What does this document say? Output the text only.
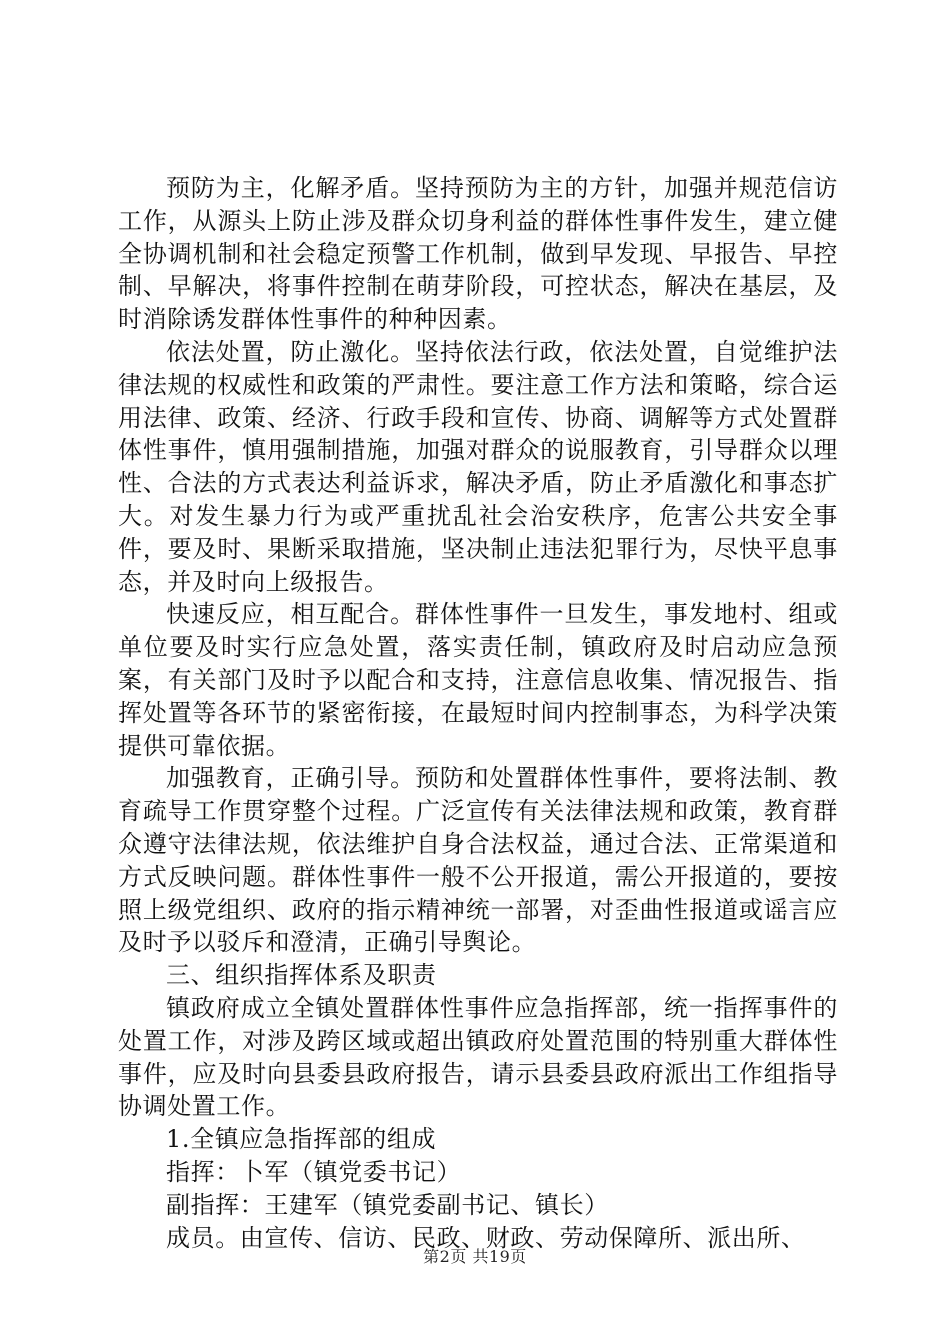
预防为主，化解矛盾。坚持预防为主的方针，加强并规范信访工作，从源头上防止涉及群众切身利益的群体性事件发生，建立健全协调机制和社会稳定预警工作机制，做到早发现、早报告、早控制、早解决，将事件控制在萌芽阶段，可控状态，解决在基层，及时消除诱发群体性事件的种种因素。

依法处置，防止激化。坚持依法行政，依法处置，自觉维护法律法规的权威性和政策的严肃性。要注意工作方法和策略，综合运用法律、政策、经济、行政手段和宣传、协商、调解等方式处置群体性事件，慎用强制措施，加强对群众的说服教育，引导群众以理性、合法的方式表达利益诉求，解决矛盾，防止矛盾激化和事态扩大。对发生暴力行为或严重扰乱社会治安秩序，危害公共安全事件，要及时、果断采取措施，坚决制止违法犯罪行为，尽快平息事态，并及时向上级报告。

快速反应，相互配合。群体性事件一旦发生，事发地村、组或单位要及时实行应急处置，落实责任制，镇政府及时启动应急预案，有关部门及时予以配合和支持，注意信息收集、情况报告、指挥处置等各环节的紧密衔接，在最短时间内控制事态，为科学决策提供可靠依据。

加强教育，正确引导。预防和处置群体性事件，要将法制、教育疏导工作贯穿整个过程。广泛宣传有关法律法规和政策，教育群众遵守法律法规，依法维护自身合法权益，通过合法、正常渠道和方式反映问题。群体性事件一般不公开报道，需公开报道的，要按照上级党组织、政府的指示精神统一部署，对歪曲性报道或谣言应及时予以驳斥和澄清，正确引导舆论。

三、组织指挥体系及职责

镇政府成立全镇处置群体性事件应急指挥部，统一指挥事件的处置工作，对涉及跨区域或超出镇政府处置范围的特别重大群体性事件，应及时向县委县政府报告，请示县委县政府派出工作组指导协调处置工作。

1.全镇应急指挥部的组成

指挥：卜军（镇党委书记）

副指挥：王建军（镇党委副书记、镇长）

成员。由宣传、信访、民政、财政、劳动保障所、派出所、

第2页 共19页
